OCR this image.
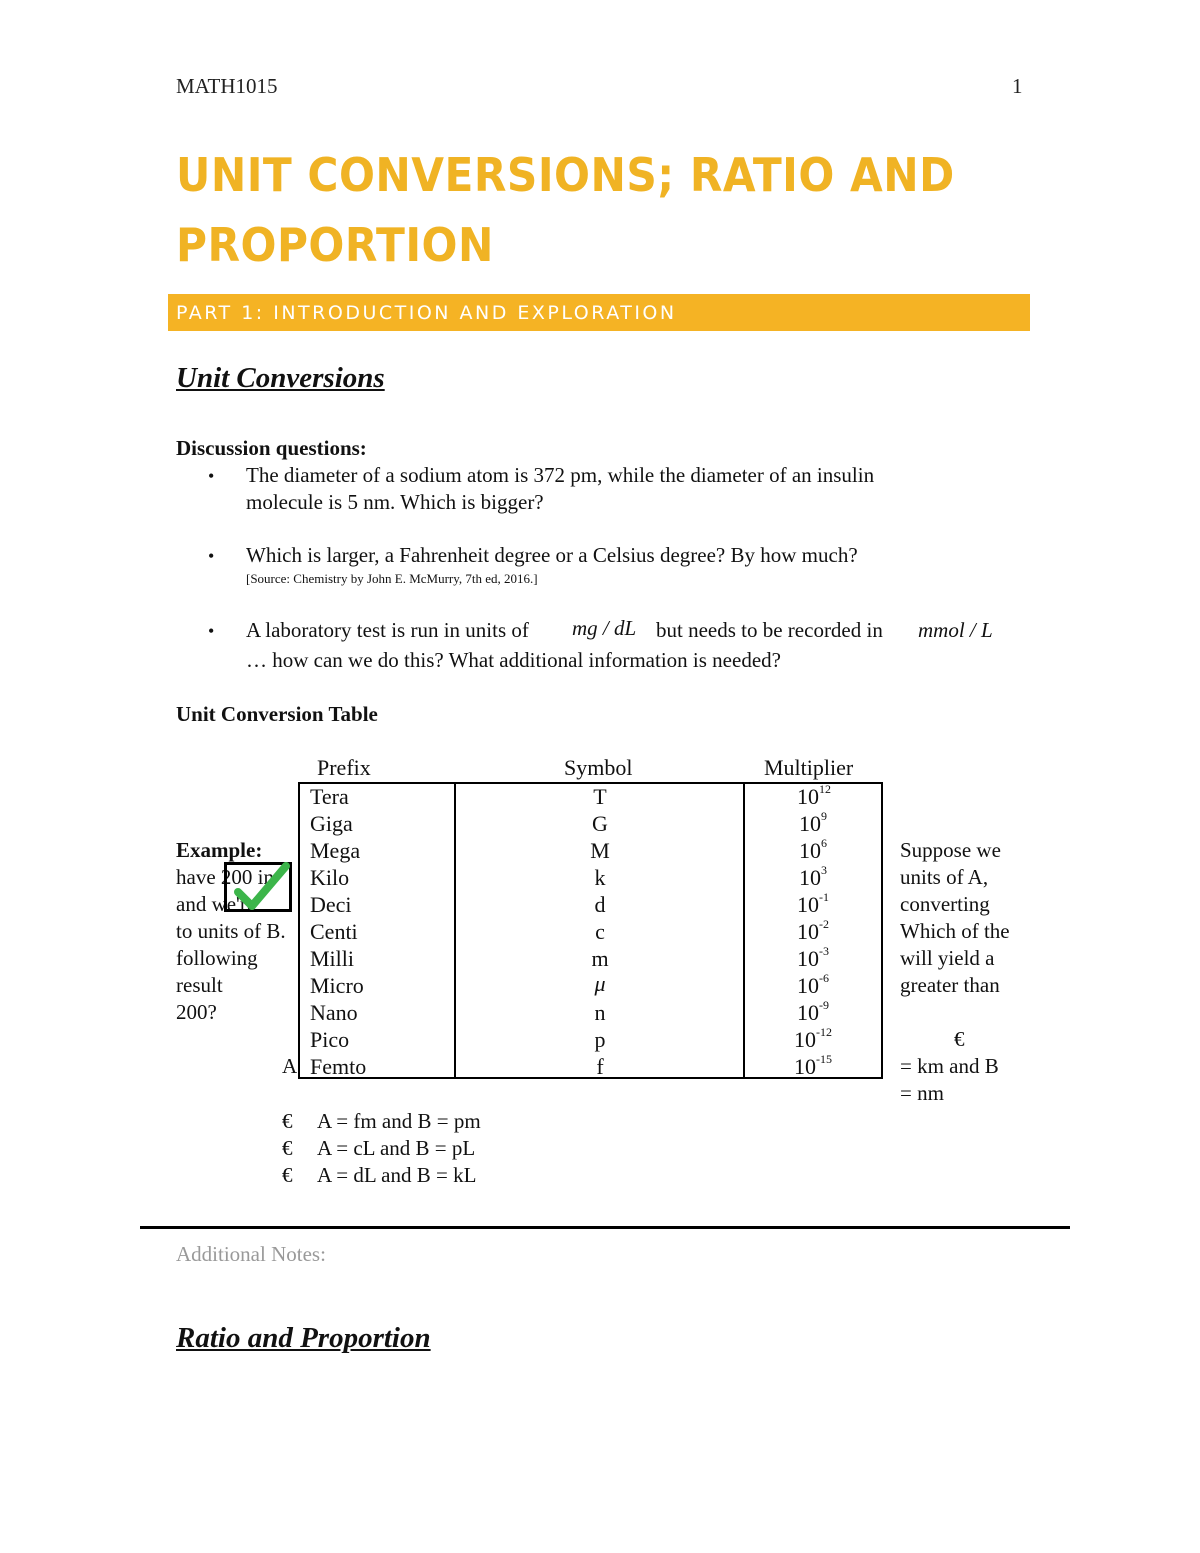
MATH1015	1
UNIT CONVERSIONS; RATIO AND
PROPORTION
PART 1: INTRODUCTION AND EXPLORATION
Unit Conversions
Discussion questions:
• The diameter of a sodium atom is 372 pm, while the diameter of an insulin
molecule is 5 nm. Which is bigger?
• Which is larger, a Fahrenheit degree or a Celsius degree? By how much?
[Source: Chemistry by John E. McMurry, 7th ed, 2016.]
• A laboratory test is run in units of mg / dL but needs to be recorded in mmol / L
… how can we do this? What additional information is needed?
Unit Conversion Table
Prefix	Symbol	Multiplier
Tera	T	$10^{12}$
Giga	G	$10^9$
Mega	M	$10^6$
Kilo	k	$10^3$
Deci	d	$10^{-1}$
Centi	c	$10^{-2}$
Milli	m	$10^{-3}$
Micro	μ	$10^{-6}$
Nano	n	$10^{-9}$
Pico	p	$10^{-12}$
Femto	f	$10^{-15}$
Example:
have 200 in
and we're
to units of B.
following
result
200?
A
Suppose we
units of A,
converting
Which of the
will yield a
greater than
€
= km and B
= nm
€ A = fm and B = pm
€ A = cL and B = pL
€ A = dL and B = kL
Additional Notes:
Ratio and Proportion
